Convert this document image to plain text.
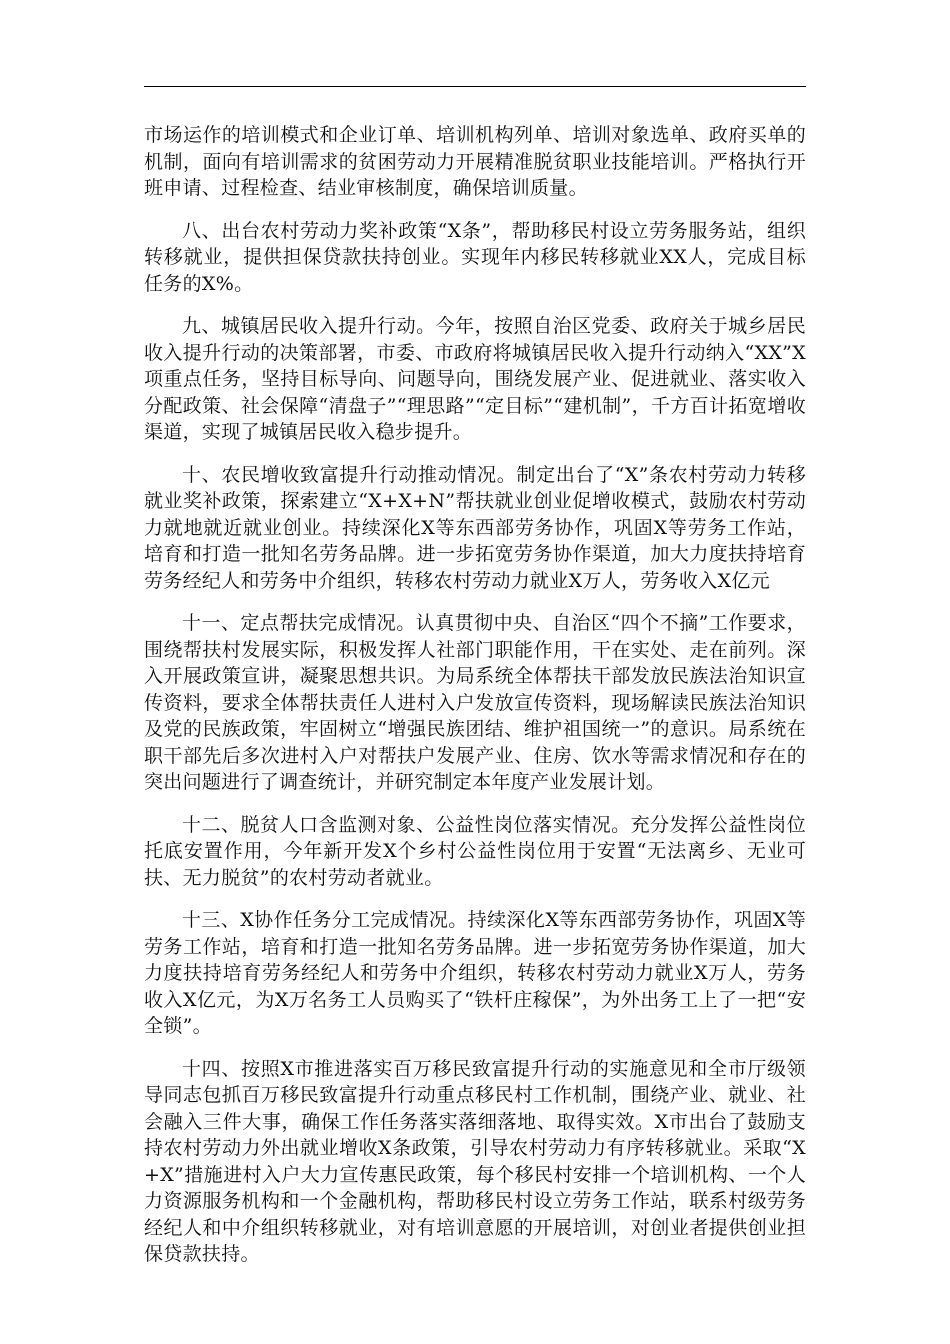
市场运作的培训模式和企业订单、培训机构列单、培训对象选单、政府买单的机制，面向有培训需求的贫困劳动力开展精准脱贫职业技能培训。严格执行开班申请、过程检查、结业审核制度，确保培训质量。

八、出台农村劳动力奖补政策“X条”，帮助移民村设立劳务服务站，组织转移就业，提供担保贷款扶持创业。实现年内移民转移就业XX人，完成目标任务的X%。

九、城镇居民收入提升行动。今年，按照自治区党委、政府关于城乡居民收入提升行动的决策部署，市委、市政府将城镇居民收入提升行动纳入“XX”X项重点任务，坚持目标导向、问题导向，围绕发展产业、促进就业、落实收入分配政策、社会保障“清盘子”“理思路”“定目标”“建机制”，千方百计拓宽增收渠道，实现了城镇居民收入稳步提升。

十、农民增收致富提升行动推动情况。制定出台了“X”条农村劳动力转移就业奖补政策，探索建立“X+X+N”帮扶就业创业促增收模式，鼓励农村劳动力就地就近就业创业。持续深化X等东西部劳务协作，巩固X等劳务工作站，培育和打造一批知名劳务品牌。进一步拓宽劳务协作渠道，加大力度扶持培育劳务经纪人和劳务中介组织，转移农村劳动力就业X万人，劳务收入X亿元

十一、定点帮扶完成情况。认真贯彻中央、自治区“四个不摘”工作要求，围绕帮扶村发展实际，积极发挥人社部门职能作用，干在实处、走在前列。深入开展政策宣讲，凝聚思想共识。为局系统全体帮扶干部发放民族法治知识宣传资料，要求全体帮扶责任人进村入户发放宣传资料，现场解读民族法治知识及党的民族政策，牢固树立“增强民族团结、维护祖国统一”的意识。局系统在职干部先后多次进村入户对帮扶户发展产业、住房、饮水等需求情况和存在的突出问题进行了调查统计，并研究制定本年度产业发展计划。

十二、脱贫人口含监测对象、公益性岗位落实情况。充分发挥公益性岗位托底安置作用，今年新开发X个乡村公益性岗位用于安置“无法离乡、无业可扶、无力脱贫”的农村劳动者就业。

十三、X协作任务分工完成情况。持续深化X等东西部劳务协作，巩固X等劳务工作站，培育和打造一批知名劳务品牌。进一步拓宽劳务协作渠道，加大力度扶持培育劳务经纪人和劳务中介组织，转移农村劳动力就业X万人，劳务收入X亿元，为X万名务工人员购买了“铁杆庄稼保”，为外出务工上了一把“安全锁”。

十四、按照X市推进落实百万移民致富提升行动的实施意见和全市厅级领导同志包抓百万移民致富提升行动重点移民村工作机制，围绕产业、就业、社会融入三件大事，确保工作任务落实落细落地、取得实效。X市出台了鼓励支持农村劳动力外出就业增收X条政策，引导农村劳动力有序转移就业。采取“X+X”措施进村入户大力宣传惠民政策，每个移民村安排一个培训机构、一个人力资源服务机构和一个金融机构，帮助移民村设立劳务工作站，联系村级劳务经纪人和中介组织转移就业，对有培训意愿的开展培训，对创业者提供创业担保贷款扶持。
